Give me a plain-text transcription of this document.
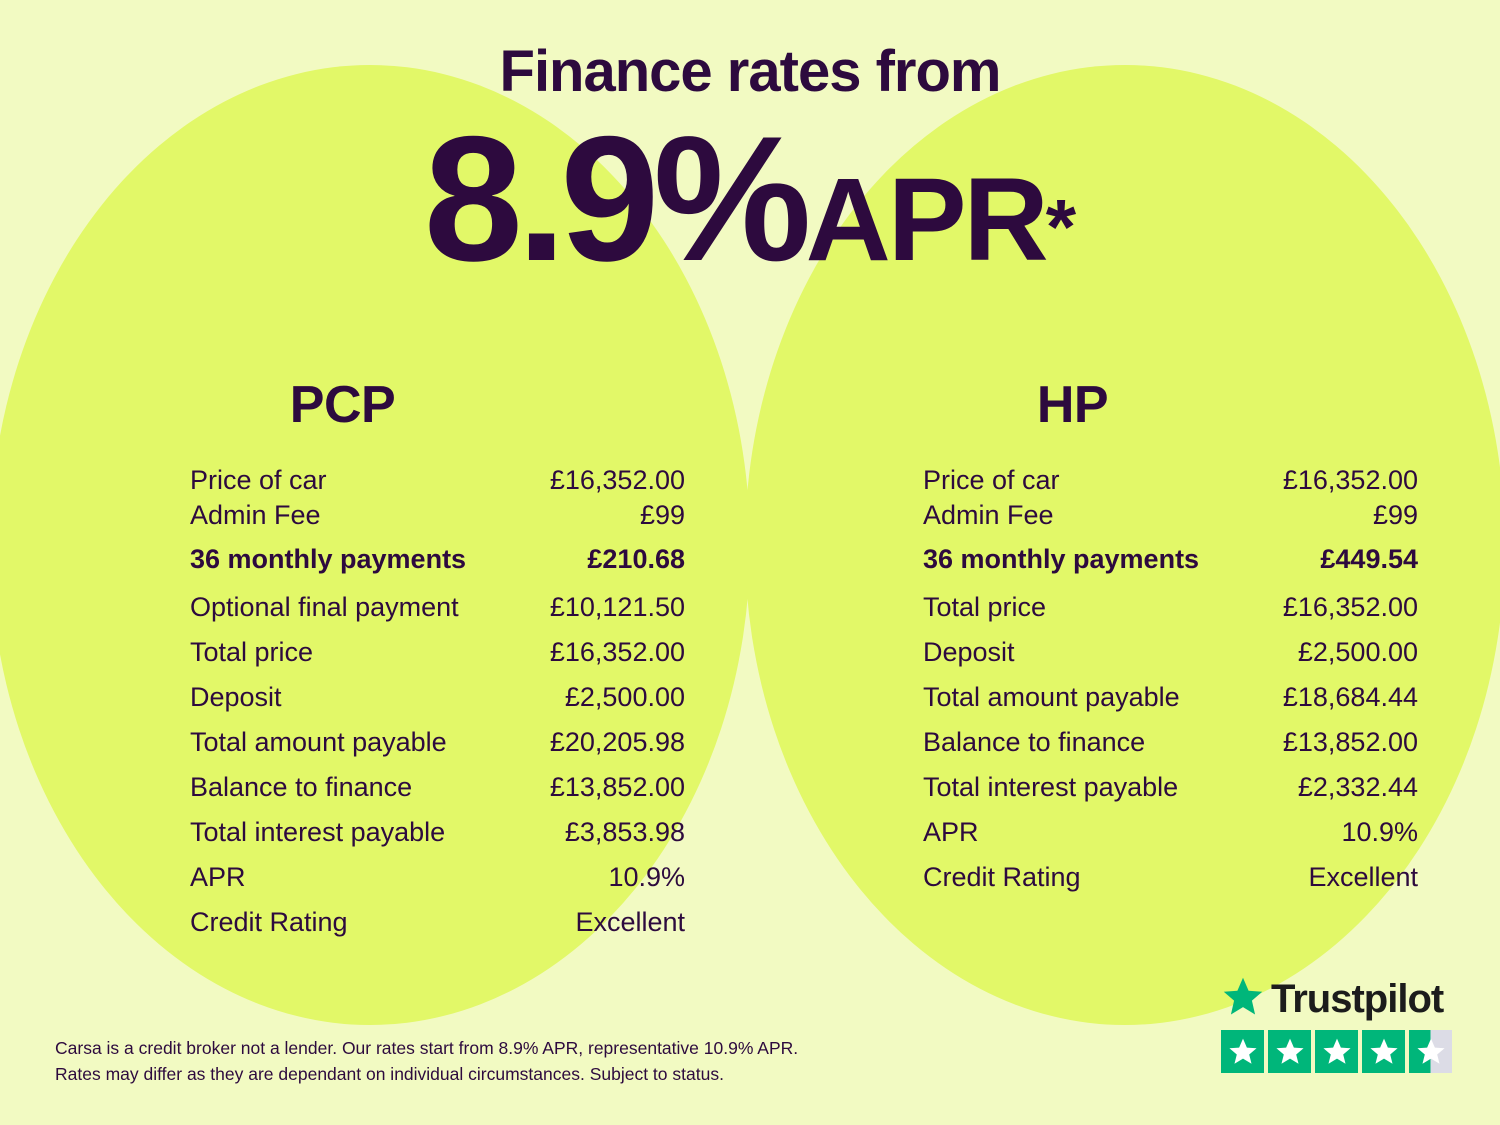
Finance rates from
8.9%APR*
PCP
Price of car	£16,352.00
Admin Fee	£99
36 monthly payments	£210.68
Optional final payment	£10,121.50
Total price	£16,352.00
Deposit	£2,500.00
Total amount payable	£20,205.98
Balance to finance	£13,852.00
Total interest payable	£3,853.98
APR	10.9%
Credit Rating	Excellent
HP
Price of car	£16,352.00
Admin Fee	£99
36 monthly payments	£449.54
Total price	£16,352.00
Deposit	£2,500.00
Total amount payable	£18,684.44
Balance to finance	£13,852.00
Total interest payable	£2,332.44
APR	10.9%
Credit Rating	Excellent
Carsa is a credit broker not a lender. Our rates start from 8.9% APR, representative 10.9% APR.
Rates may differ as they are dependant on individual circumstances. Subject to status.
Trustpilot
